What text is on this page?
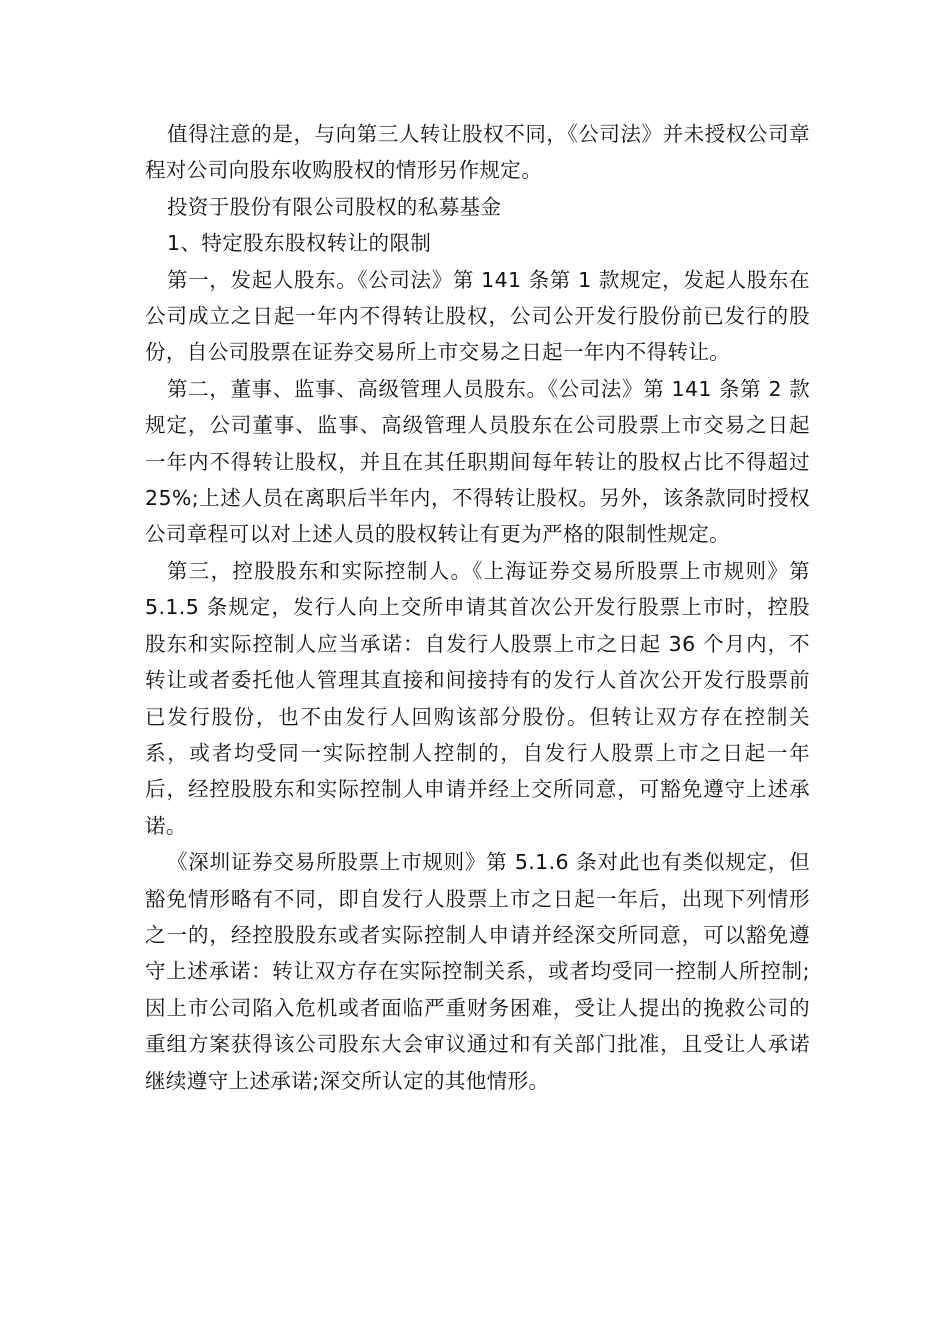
值得注意的是，与向第三人转让股权不同，《公司法》并未授权公司章程对公司向股东收购股权的情形另作规定。

投资于股份有限公司股权的私募基金

1、特定股东股权转让的限制

第一，发起人股东。《公司法》第 141 条第 1 款规定，发起人股东在公司成立之日起一年内不得转让股权，公司公开发行股份前已发行的股份，自公司股票在证券交易所上市交易之日起一年内不得转让。

第二，董事、监事、高级管理人员股东。《公司法》第 141 条第 2 款规定，公司董事、监事、高级管理人员股东在公司股票上市交易之日起一年内不得转让股权，并且在其任职期间每年转让的股权占比不得超过 25%;上述人员在离职后半年内，不得转让股权。另外，该条款同时授权公司章程可以对上述人员的股权转让有更为严格的限制性规定。

第三，控股股东和实际控制人。《上海证券交易所股票上市规则》第 5.1.5 条规定，发行人向上交所申请其首次公开发行股票上市时，控股股东和实际控制人应当承诺：自发行人股票上市之日起 36 个月内，不转让或者委托他人管理其直接和间接持有的发行人首次公开发行股票前已发行股份，也不由发行人回购该部分股份。但转让双方存在控制关系，或者均受同一实际控制人控制的，自发行人股票上市之日起一年后，经控股股东和实际控制人申请并经上交所同意，可豁免遵守上述承诺。

《深圳证券交易所股票上市规则》第 5.1.6 条对此也有类似规定，但豁免情形略有不同，即自发行人股票上市之日起一年后，出现下列情形之一的，经控股股东或者实际控制人申请并经深交所同意，可以豁免遵守上述承诺：转让双方存在实际控制关系，或者均受同一控制人所控制;因上市公司陷入危机或者面临严重财务困难，受让人提出的挽救公司的重组方案获得该公司股东大会审议通过和有关部门批准，且受让人承诺继续遵守上述承诺;深交所认定的其他情形。
